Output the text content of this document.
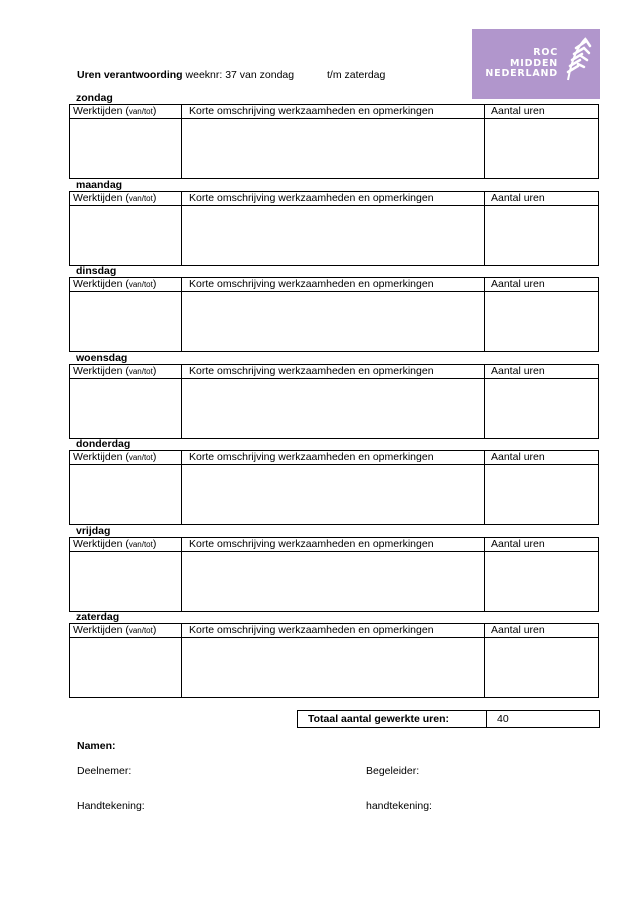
ROC
MIDDEN
NEDERLAND
Uren verantwoording weeknr: 37 van zondag	t/m zaterdag
zondag
Werktijden (van/tot)	Korte omschrijving werkzaamheden en opmerkingen	Aantal uren

maandag
Werktijden (van/tot)	Korte omschrijving werkzaamheden en opmerkingen	Aantal uren

dinsdag
Werktijden (van/tot)	Korte omschrijving werkzaamheden en opmerkingen	Aantal uren

woensdag
Werktijden (van/tot)	Korte omschrijving werkzaamheden en opmerkingen	Aantal uren

donderdag
Werktijden (van/tot)	Korte omschrijving werkzaamheden en opmerkingen	Aantal uren

vrijdag
Werktijden (van/tot)	Korte omschrijving werkzaamheden en opmerkingen	Aantal uren

zaterdag
Werktijden (van/tot)	Korte omschrijving werkzaamheden en opmerkingen	Aantal uren

Totaal aantal gewerkte uren:	40
Namen:
Deelnemer:	Begeleider:
Handtekening:	handtekening:
